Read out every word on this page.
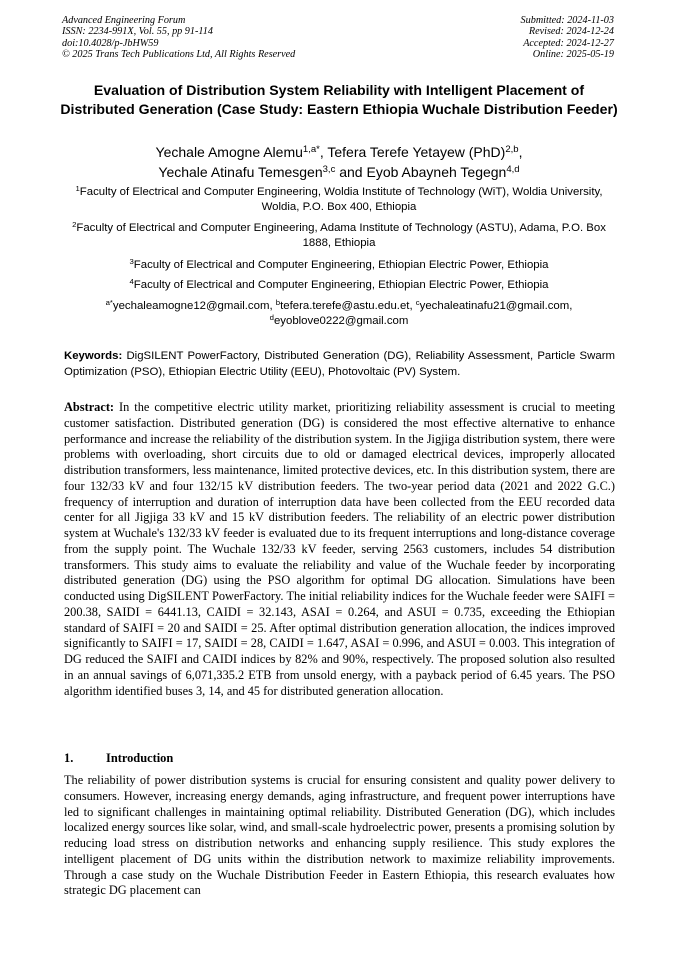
Advanced Engineering Forum
ISSN: 2234-991X, Vol. 55, pp 91-114
doi:10.4028/p-JbHW59
© 2025 Trans Tech Publications Ltd, All Rights Reserved
Submitted: 2024-11-03
Revised: 2024-12-24
Accepted: 2024-12-27
Online: 2025-05-19
Evaluation of Distribution System Reliability with Intelligent Placement of Distributed Generation (Case Study: Eastern Ethiopia Wuchale Distribution Feeder)
Yechale Amogne Alemu$^{1,a*}$, Tefera Terefe Yetayew (PhD)$^{2,b}$,
Yechale Atinafu Temesgen$^{3,c}$ and Eyob Abayneh Tegegn$^{4,d}$
$^1$Faculty of Electrical and Computer Engineering, Woldia Institute of Technology (WiT), Woldia University, Woldia, P.O. Box 400, Ethiopia
$^2$Faculty of Electrical and Computer Engineering, Adama Institute of Technology (ASTU), Adama, P.O. Box 1888, Ethiopia
$^3$Faculty of Electrical and Computer Engineering, Ethiopian Electric Power, Ethiopia
$^4$Faculty of Electrical and Computer Engineering, Ethiopian Electric Power, Ethiopia
$^{a*}$yechaleamogne12@gmail.com, $^b$tefera.terefe@astu.edu.et, $^c$yechaleatinafu21@gmail.com,
$^d$eyoblove0222@gmail.com
Keywords: DigSILENT PowerFactory, Distributed Generation (DG), Reliability Assessment, Particle Swarm Optimization (PSO), Ethiopian Electric Utility (EEU), Photovoltaic (PV) System.
Abstract: In the competitive electric utility market, prioritizing reliability assessment is crucial to meeting customer satisfaction. Distributed generation (DG) is considered the most effective alternative to enhance performance and increase the reliability of the distribution system. In the Jigjiga distribution system, there were problems with overloading, short circuits due to old or damaged electrical devices, improperly allocated distribution transformers, less maintenance, limited protective devices, etc. In this distribution system, there are four 132/33 kV and four 132/15 kV distribution feeders. The two-year period data (2021 and 2022 G.C.) frequency of interruption and duration of interruption data have been collected from the EEU recorded data center for all Jigjiga 33 kV and 15 kV distribution feeders. The reliability of an electric power distribution system at Wuchale's 132/33 kV feeder is evaluated due to its frequent interruptions and long-distance coverage from the supply point. The Wuchale 132/33 kV feeder, serving 2563 customers, includes 54 distribution transformers. This study aims to evaluate the reliability and value of the Wuchale feeder by incorporating distributed generation (DG) using the PSO algorithm for optimal DG allocation. Simulations have been conducted using DigSILENT PowerFactory. The initial reliability indices for the Wuchale feeder were SAIFI = 200.38, SAIDI = 6441.13, CAIDI = 32.143, ASAI = 0.264, and ASUI = 0.735, exceeding the Ethiopian standard of SAIFI = 20 and SAIDI = 25. After optimal distribution generation allocation, the indices improved significantly to SAIFI = 17, SAIDI = 28, CAIDI = 1.647, ASAI = 0.996, and ASUI = 0.003. This integration of DG reduced the SAIFI and CAIDI indices by 82% and 90%, respectively. The proposed solution also resulted in an annual savings of 6,071,335.2 ETB from unsold energy, with a payback period of 6.45 years. The PSO algorithm identified buses 3, 14, and 45 for distributed generation allocation.
1.	Introduction
The reliability of power distribution systems is crucial for ensuring consistent and quality power delivery to consumers. However, increasing energy demands, aging infrastructure, and frequent power interruptions have led to significant challenges in maintaining optimal reliability. Distributed Generation (DG), which includes localized energy sources like solar, wind, and small-scale hydroelectric power, presents a promising solution by reducing load stress on distribution networks and enhancing supply resilience. This study explores the intelligent placement of DG units within the distribution network to maximize reliability improvements. Through a case study on the Wuchale Distribution Feeder in Eastern Ethiopia, this research evaluates how strategic DG placement can
